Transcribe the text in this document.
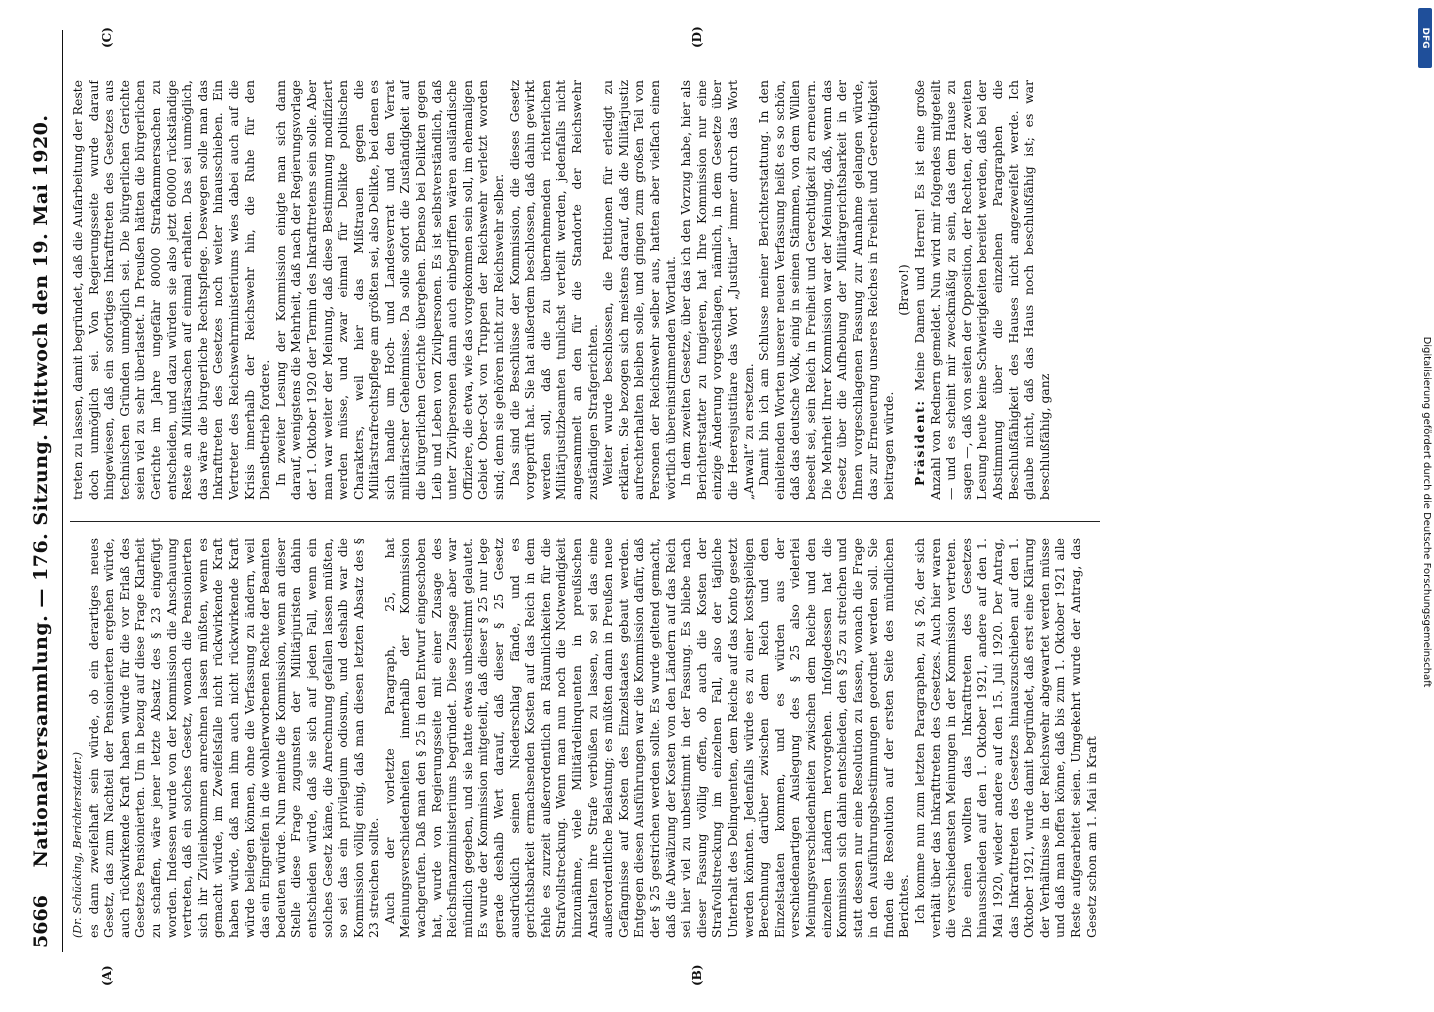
5666
Nationalversammlung. — 176. Sitzung. Mittwoch den 19. Mai 1920.
(A)	(B)
(C)	(D)

(Dr. Schücking, Berichterstatter.) es dann zweifelhaft sein würde, ob ein derartiges neues Gesetz, das zum Nachteil der Pensionierten ergehen würde, auch rückwirkende Kraft haben würde für die vor Erlaß des Gesetzes Pensionierten. Um in bezug auf diese Frage Klarheit zu schaffen, wäre jener letzte Absatz des § 23 eingefügt worden. Indessen wurde von der Kommission die Anschauung vertreten, daß ein solches Gesetz, wonach die Pensionierten sich ihr Zivileinkommen anrechnen lassen müßten, wenn es gemacht würde, im Zweifelsfalle nicht rückwirkende Kraft haben würde, daß man ihm auch nicht rückwirkende Kraft würde beilegen können, ohne die Verfassung zu ändern, weil das ein Eingreifen in die wohlerworbenen Rechte der Beamten bedeuten würde. Nun meinte die Kommission, wenn an dieser Stelle diese Frage zugunsten der Militärjuristen dahin entschieden würde, daß sie sich auf jeden Fall, wenn ein solches Gesetz käme, die Anrechnung gefallen lassen müßten, so sei das ein privilegium odiosum, und deshalb war die Kommission völlig einig, daß man diesen letzten Absatz des § 23 streichen sollte. Auch der vorletzte Paragraph, 25, hat Meinungsverschiedenheiten innerhalb der Kommission wachgerufen. Daß man den § 25 in den Entwurf eingeschoben hat, wurde von Regierungsseite mit einer Zusage des Reichsfinanzministeriums begründet. Diese Zusage aber war mündlich gegeben, und sie hatte etwas unbestimmt gelautet. Es wurde der Kommission mitgeteilt, daß dieser § 25 nur lege gerade deshalb Wert darauf, daß dieser § 25 Gesetz ausdrücklich seinen Niederschlag fände, und es gerichtsbarkeit ermachsenden Kosten auf das Reich in dem fehle es zurzeit außerordentlich an Räumlichkeiten für die Strafvollstreckung. Wenn man nun noch die Notwendigkeit hinzunähme, viele Militärdelinquenten in preußischen Anstalten ihre Strafe verbüßen zu lassen, so sei das eine außerordentliche Belastung; es müßten dann in Preußen neue Gefängnisse auf Kosten des Einzelstaates gebaut werden. Entgegen diesen Ausführungen war die Kommission dafür, daß der § 25 gestrichen werden sollte. Es wurde geltend gemacht, daß die Abwälzung der Kosten von den Ländern auf das Reich sei hier viel zu unbestimmt in der Fassung. Es bliebe nach dieser Fassung völlig offen, ob auch die Kosten der Strafvollstreckung im einzelnen Fall, also der tägliche Unterhalt des Delinquenten, dem Reiche auf das Konto gesetzt werden könnten. Jedenfalls würde es zu einer kostspieligen Berechnung darüber zwischen dem Reich und den Einzelstaaten kommen, und es würden aus der verschiedenartigen Auslegung des § 25 also vielerlei Meinungsverschiedenheiten zwischen dem Reiche und den einzelnen Ländern hervorgehen. Infolgedessen hat die Kommission sich dahin entschieden, den § 25 zu streichen und statt dessen nur eine Resolution zu fassen, wonach die Frage in den Ausführungsbestimmungen geordnet werden soll. Sie finden die Resolution auf der ersten Seite des mündlichen Berichtes. Ich komme nun zum letzten Paragraphen, zu § 26, der sich verhält über das Inkrafttreten des Gesetzes. Auch hier waren die verschiedensten Meinungen in der Kommission vertreten. Die einen wollten das Inkrafttreten des Gesetzes hinausschieden auf den 1. Oktober 1921, andere auf den 1. Mai 1920, wieder andere auf den 15. Juli 1920. Der Antrag, das Inkrafttreten des Gesetzes hinauszuschieben auf den 1. Oktober 1921, wurde damit begründet, daß erst eine Klärung der Verhältnisse in der Reichswehr abgewartet werden müsse und daß man hoffen könne, daß bis zum 1. Oktober 1921 alle Reste aufgearbeitet seien. Umgekehrt wurde der Antrag, das Gesetz schon am 1. Mai in Kraft

treten zu lassen, damit begründet, daß die Aufarbeitung der Reste doch unmöglich sei. Von Regierungsseite wurde darauf hingewiesen, daß ein sofortiges Inkrafttreten des Gesetzes aus technischen Gründen unmöglich sei. Die bürgerlichen Gerichte seien viel zu sehr überlastet. In Preußen hätten die bürgerlichen Gerichte im Jahre ungefähr 80000 Strafkammersachen zu entscheiden, und dazu würden sie also jetzt 60000 rückständige Reste an Militärsachen auf einmal erhalten. Das sei unmöglich, das wäre die bürgerliche Rechtspflege. Deswegen solle man das Inkrafttreten des Gesetzes noch weiter hinausschieben. Ein Vertreter des Reichswehrministeriums wies dabei auch auf die Krisis innerhalb der Reichswehr hin, die Ruhe für den Dienstbetrieb fordere. In zweiter Lesung der Kommission einigte man sich dann darauf, wenigstens die Mehrheit, daß nach der Regierungsvorlage der 1. Oktober 1920 der Termin des Inkrafttretens sein solle. Aber man war weiter der Meinung, daß diese Bestimmung modifiziert werden müsse, und zwar einmal für Delikte politischen Charakters, weil hier das Mißtrauen gegen die Militärstrafrechtspflege am größten sei, also Delikte, bei denen es sich handle um Hoch- und Landesverrat und den Verrat militärischer Geheimnisse. Da solle sofort die Zuständigkeit auf die bürgerlichen Gerichte übergehen. Ebenso bei Delikten gegen Leib und Leben von Zivilpersonen. Es ist selbstverständlich, daß unter Zivilpersonen dann auch einbegriffen wären ausländische Offiziere, die etwa, wie das vorgekommen sein soll, im ehemaligen Gebiet Ober-Ost von Truppen der Reichswehr verletzt worden sind; denn sie gehören nicht zur Reichswehr selber. Das sind die Beschlüsse der Kommission, die dieses Gesetz vorgeprüft hat. Sie hat außerdem beschlossen, daß dahin gewirkt werden soll, daß die zu übernehmenden richterlichen Militärjustizbeamten tunlichst verteilt werden, jedenfalls nicht angesammelt an den für die Standorte der Reichswehr zuständigen Strafgerichten. Weiter wurde beschlossen, die Petitionen für erledigt zu erklären. Sie bezogen sich meistens darauf, daß die Militärjustiz aufrechterhalten bleiben solle, und gingen zum großen Teil von Personen der Reichswehr selber aus, hatten aber vielfach einen wörtlich übereinstimmenden Wortlaut. In dem zweiten Gesetze, über das ich den Vorzug habe, hier als Berichterstatter zu fungieren, hat Ihre Kommission nur eine einzige Änderung vorgeschlagen, nämlich, in dem Gesetze über die Heeresjustitiare das Wort „Justitiar“ immer durch das Wort „Anwalt“ zu ersetzen. Damit bin ich am Schlusse meiner Berichterstattung. In den einleitenden Worten unserer neuen Verfassung heißt es so schön, daß das deutsche Volk, einig in seinen Stämmen, von dem Willen beseelt sei, sein Reich in Freiheit und Gerechtigkeit zu erneuern. Die Mehrheit Ihrer Kommission war der Meinung, daß, wenn das Gesetz über die Aufhebung der Militärgerichtsbarkeit in der Ihnen vorgeschlagenen Fassung zur Annahme gelangen würde, das zur Erneuerung unseres Reiches in Freiheit und Gerechtigkeit beitragen würde.

(Bravo!)

Präsident: Meine Damen und Herren! Es ist eine große Anzahl von Rednern gemeldet. Nun wird mir folgendes mitgeteilt — und es scheint mir zweckmäßig zu sein, das dem Hause zu sagen —, daß von seiten der Opposition, der Rechten, der zweiten Lesung heute keine Schwierigkeiten bereitet werden, daß bei der Abstimmung über die einzelnen Paragraphen die Beschlußfähigkeit des Hauses nicht angezweifelt werde. Ich glaube nicht, daß das Haus noch beschlußfähig ist; es war beschlußfähig, ganz	Digitalisierung gefördert durch die Deutsche Forschungsgemeinschaft
DFG
